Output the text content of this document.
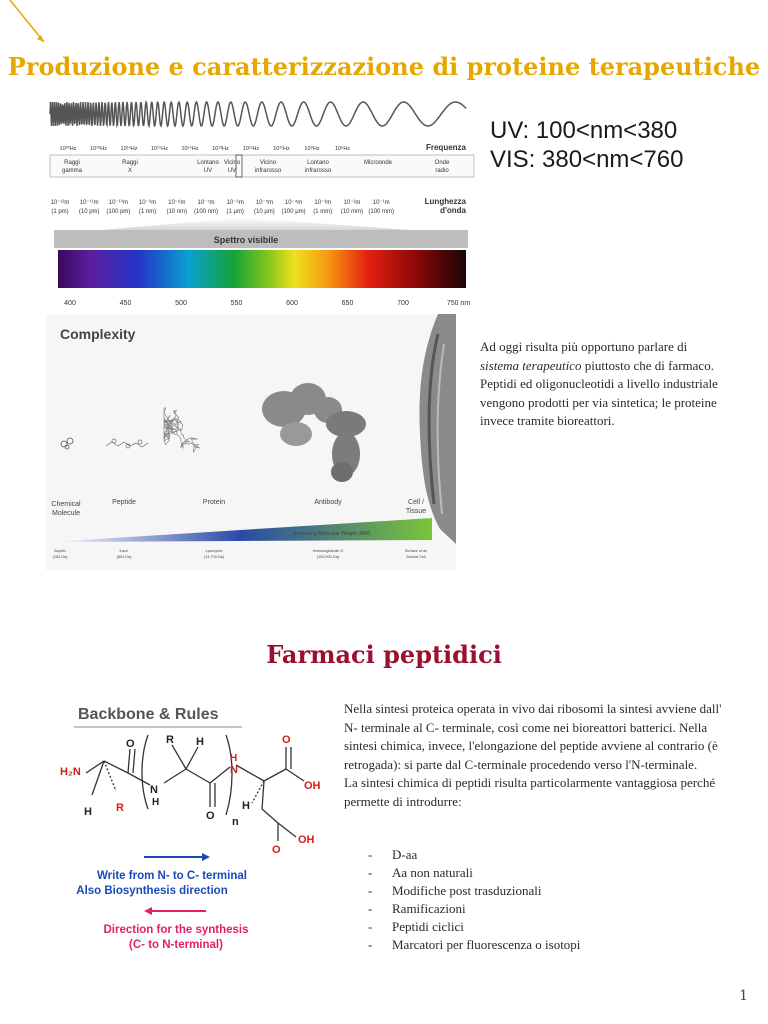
Produzione e caratterizzazione di proteine terapeutiche
10²⁰Hz 10¹⁸Hz 10¹⁶Hz 10¹⁵Hz 10¹⁴Hz 10¹³Hz	10¹²Hz	10¹¹Hz	10⁹Hz	10⁶Hz	Frequenza
Raggi
gamma
Raggi
X
Lontano
UV
Vicino
UV
Vicino
infrarosso
Lontano
infrarosso
Microonde	Onde
radio
10⁻¹²m 10⁻¹¹m 10⁻¹⁰m 10⁻⁹m 10⁻⁸m 10⁻⁷m 10⁻⁶m 10⁻⁵m 10⁻⁴m 10⁻³m 10⁻²m 10⁻¹m
(1 pm) (10 pm) (100 pm) (1 nm) (10 nm) (100 nm) (1 µm) (10 µm) (100 µm) (1 mm) (10 mm) (100 mm)
Lunghezza
d'onda
Spettro visibile
400	450	500	550	600	650	700	750 nm
UV: 100<nm<380
VIS: 380<nm<760
Complexity
Chemical
Molecule
Peptide	Protein	Antibody	Cell /
Tissue
Increasing Molecular Weight (MW)
Aspirin
(180 Da)
Insul.
(804 Da)
Lysozyme
(14,700 Da)
Immunoglobulin G
(150,000 Da)
Surface of an
Animal Cell

Ad oggi risulta più opportuno parlare di sistema terapeutico piuttosto che di farmaco.
Peptidi ed oligonucleotidi a livello industriale vengono prodotti per via sintetica; le proteine invece tramite bioreattori.

Farmaci peptidici
Backbone & Rules
H₂N
H R
O
N
H
R H
O n
H
N
O
OH
H
O
OH
Write from N- to C- terminal
Also Biosynthesis direction
Direction for the synthesis
(C- to N-terminal)

Nella sintesi proteica operata in vivo dai ribosomi la sintesi avviene dall' N- terminale al C- terminale, così come nei bioreattori batterici. Nella sintesi chimica, invece, l'elongazione del peptide avviene al contrario (è retrogada): si parte dal C-terminale procedendo verso l'N-terminale.
La sintesi chimica di peptidi risulta particolarmente vantaggiosa perché permette di introdurre:

- D-aa
- Aa non naturali
- Modifiche post trasduzionali
- Ramificazioni
- Peptidi ciclici
- Marcatori per fluorescenza o isotopi
1
